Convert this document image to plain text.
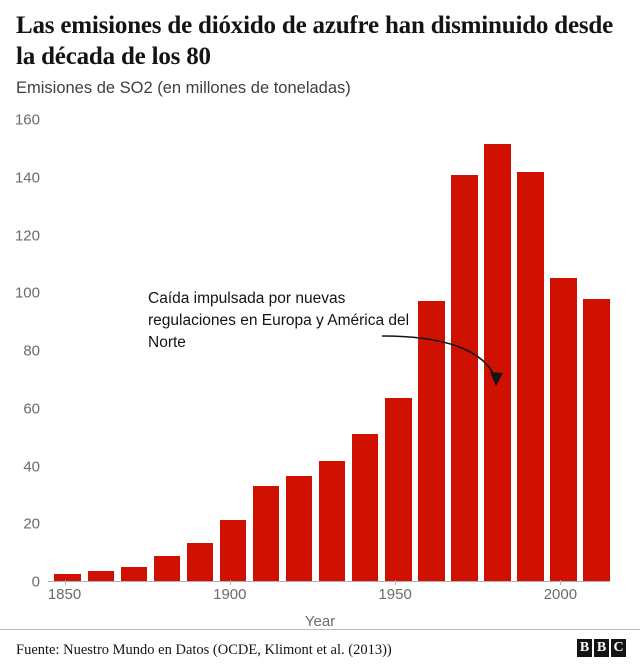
Las emisiones de dióxido de azufre han disminuido desde la década de los 80

Emisiones de SO2 (en millones de toneladas)

0
20
40
60
80
100
120
140
160
1850	1900	1950	2000
Year
Caída impulsada por nuevas regulaciones en Europa y América del Norte
Fuente: Nuestro Mundo en Datos (OCDE, Klimont et al. (2013))	B B C
